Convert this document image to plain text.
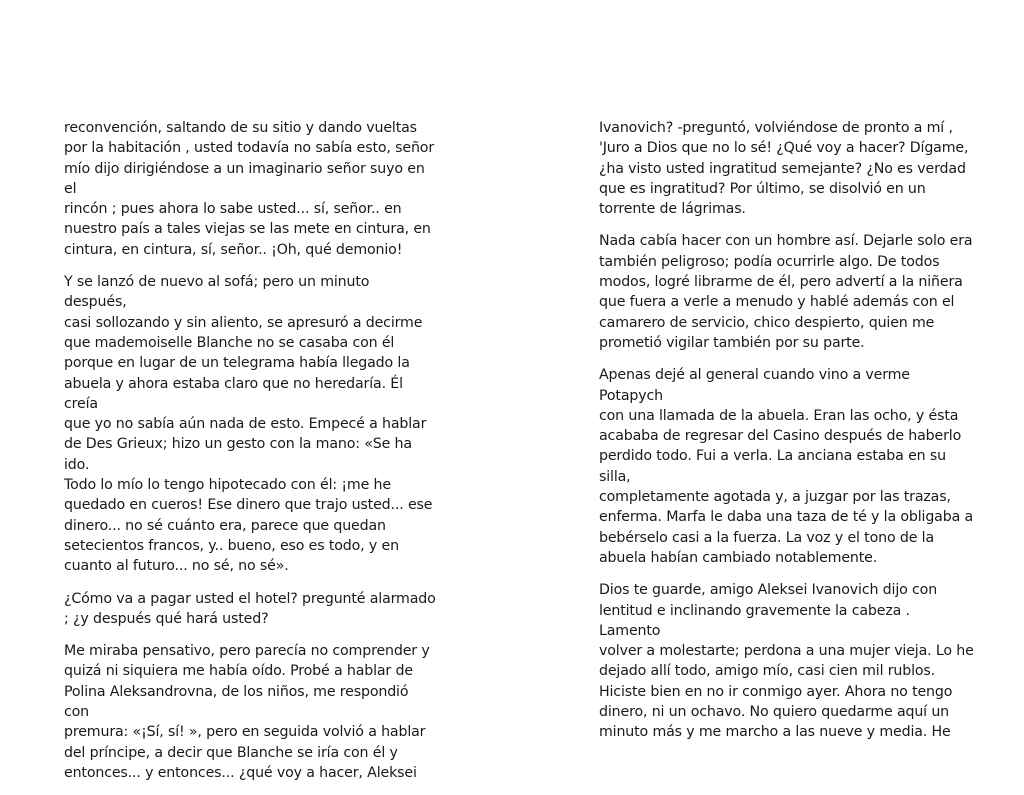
reconvención, saltando de su sitio y dando vueltas
por la habitación , usted todavía no sabía esto, señor
mío dijo dirigiéndose a un imaginario señor suyo en el
rincón ; pues ahora lo sabe usted... sí, señor.. en
nuestro país a tales viejas se las mete en cintura, en
cintura, en cintura, sí, señor.. ¡Oh, qué demonio!

Y se lanzó de nuevo al sofá; pero un minuto después,
casi sollozando y sin aliento, se apresuró a decirme
que mademoiselle Blanche no se casaba con él
porque en lugar de un telegrama había llegado la
abuela y ahora estaba claro que no heredaría. Él creía
que yo no sabía aún nada de esto. Empecé a hablar
de Des Grieux; hizo un gesto con la mano: «Se ha ido.
Todo lo mío lo tengo hipotecado con él: ¡me he
quedado en cueros! Ese dinero que trajo usted... ese
dinero... no sé cuánto era, parece que quedan
setecientos francos, y.. bueno, eso es todo, y en
cuanto al futuro... no sé, no sé».

¿Cómo va a pagar usted el hotel? pregunté alarmado
; ¿y después qué hará usted?

Me miraba pensativo, pero parecía no comprender y
quizá ni siquiera me había oído. Probé a hablar de
Polina Aleksandrovna, de los niños, me respondió con
premura: «¡Sí, sí! », pero en seguida volvió a hablar
del príncipe, a decir que Blanche se iría con él y
entonces... y entonces... ¿qué voy a hacer, Aleksei

Ivanovich? -preguntó, volviéndose de pronto a mí ,
'Juro a Dios que no lo sé! ¿Qué voy a hacer? Dígame,
¿ha visto usted ingratitud semejante? ¿No es verdad
que es ingratitud? Por último, se disolvió en un
torrente de lágrimas.

Nada cabía hacer con un hombre así. Dejarle solo era
también peligroso; podía ocurrirle algo. De todos
modos, logré librarme de él, pero advertí a la niñera
que fuera a verle a menudo y hablé además con el
camarero de servicio, chico despierto, quien me
prometió vigilar también por su parte.

Apenas dejé al general cuando vino a verme Potapych
con una llamada de la abuela. Eran las ocho, y ésta
acababa de regresar del Casino después de haberlo
perdido todo. Fui a verla. La anciana estaba en su silla,
completamente agotada y, a juzgar por las trazas,
enferma. Marfa le daba una taza de té y la obligaba a
bebérselo casi a la fuerza. La voz y el tono de la
abuela habían cambiado notablemente.

Dios te guarde, amigo Aleksei Ivanovich dijo con
lentitud e inclinando gravemente la cabeza . Lamento
volver a molestarte; perdona a una mujer vieja. Lo he
dejado allí todo, amigo mío, casi cien mil rublos.
Hiciste bien en no ir conmigo ayer. Ahora no tengo
dinero, ni un ochavo. No quiero quedarme aquí un
minuto más y me marcho a las nueve y media. He
